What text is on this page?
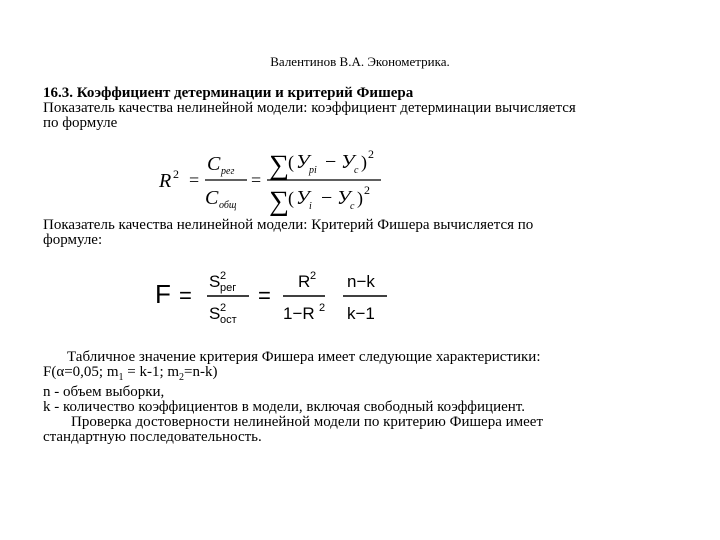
Валентинов В.А. Эконометрика.
16.3. Коэффициент детерминации и критерий Фишера
Показатель качества нелинейной модели: коэффициент детерминации вычисляется
по формуле
R 2 =
C рег
C общ
= ∑ ( У рi − У c ) 2
∑ ( У i − У c ) 2
Показатель качества нелинейной модели: Критерий Фишера вычисляется по
формуле:
F =
S 2
рег
S 2
ост
=
R 2
1−R 2
n−k
k−1
Табличное значение критерия Фишера имеет следующие характеристики:
F(α=0,05; $m_1 = k-1$; $m_2=n-k$)
n - объем выборки,
k - количество коэффициентов в модели, включая свободный коэффициент.
Проверка достоверности нелинейной модели по критерию Фишера имеет
стандартную последовательность.
